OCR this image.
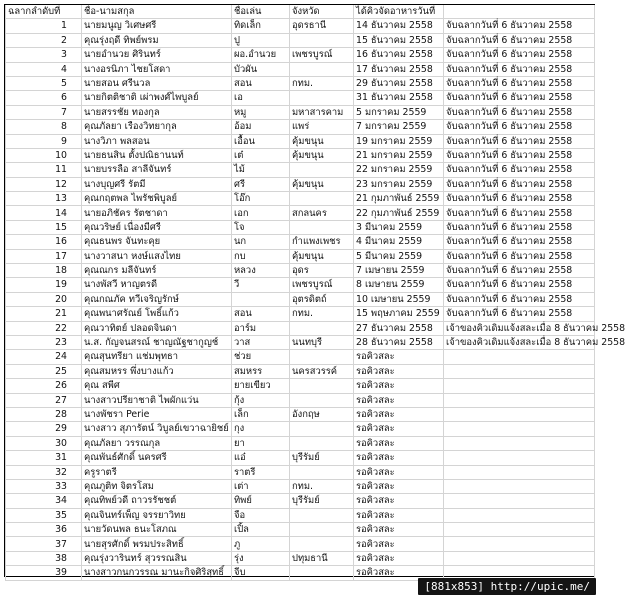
ฉลากลำดับที่	ชื่อ-นามสกุล	ชื่อเล่น	จังหวัด	ได้คิวจัดอาหารวันที่	
1	นายมนูญ วิเศษศรี	ทิดเล็ก	อุดรธานี	14 ธันวาคม 2558	จับฉลากวันที่ 6 ธันวาคม 2558
2	คุณรุ่งฤดี ทิพย์พรม	ปู		15 ธันวาคม 2558	จับฉลากวันที่ 6 ธันวาคม 2558
3	นายอำนวย ศิรินทร์	ผอ.อำนวย	เพชรบูรณ์	16 ธันวาคม 2558	จับฉลากวันที่ 6 ธันวาคม 2558
4	นางอรนิภา ไชยโสดา	บัวผัน		17 ธันวาคม 2558	จับฉลากวันที่ 6 ธันวาคม 2558
5	นายสอน ศรีนวล	สอน	กทม.	29 ธันวาคม 2558	จับฉลากวันที่ 6 ธันวาคม 2558
6	นายกิตติชาติ เผ่าพงศ์ไพบูลย์	เอ		31 ธันวาคม 2558	จับฉลากวันที่ 6 ธันวาคม 2558
7	นายสรรชัย ทองกุล	หมู	มหาสารคาม	5 มกราคม 2559	จับฉลากวันที่ 6 ธันวาคม 2558
8	คุณภัลยา เรืองวิทยากุล	อ้อม	แพร่	7 มกราคม 2559	จับฉลากวันที่ 6 ธันวาคม 2558
9	นางวิภา พลสอน	เอื้อน	คุ้มขนุน	19 มกราคม 2559	จับฉลากวันที่ 6 ธันวาคม 2558
10	นายธนสิน ตั้งปณิธานนท์	เต๋	คุ้มขนุน	21 มกราคม 2559	จับฉลากวันที่ 6 ธันวาคม 2558
11	นายบรรลือ สาลีจันทร์	ไม้		22 มกราคม 2559	จับฉลากวันที่ 6 ธันวาคม 2558
12	นางบุญศรี รัตมี	ศรี	คุ้มขนุน	23 มกราคม 2559	จับฉลากวันที่ 6 ธันวาคม 2558
13	คุณกฤตพล ไพรัชพิบูลย์	โอ๊ก		21 กุมภาพันธ์ 2559	จับฉลากวันที่ 6 ธันวาคม 2558
14	นายอภิชัคร รัตชาดา	เอก	สกลนคร	22 กุมภาพันธ์ 2559	จับฉลากวันที่ 6 ธันวาคม 2558
15	คุณวริษย์ เนื่องมีศรี	โจ		3 มีนาคม 2559	จับฉลากวันที่ 6 ธันวาคม 2558
16	คุณธนพร จันทะคุย	นก	กำแพงเพชร	4 มีนาคม 2559	จับฉลากวันที่ 6 ธันวาคม 2558
17	นางวาสนา หงษ์แสงไทย	กบ	คุ้มขนุน	5 มีนาคม 2559	จับฉลากวันที่ 6 ธันวาคม 2558
18	คุณณกร มลีจันทร์	หลวง	อุดร	7 เมษายน 2559	จับฉลากวันที่ 6 ธันวาคม 2558
19	นางพัสวี หาญตรดี	วี	เพชรบูรณ์	8 เมษายน 2559	จับฉลากวันที่ 6 ธันวาคม 2558
20	คุณกณภัค ทวีเจริญรักษ์		อุตรดิตถ์	10 เมษายน 2559	จับฉลากวันที่ 6 ธันวาคม 2558
21	คุณพนาศรัณย์ โพธิ์แก้ว	สอน	กทม.	15 พฤษภาคม 2559	จับฉลากวันที่ 6 ธันวาคม 2558
22	คุณวาทิตย์ ปลอดจินดา	อาร์ม		27 ธันวาคม 2558	เจ้าของคิวเดิมแจ้งสละเมื่อ 8 ธันวาคม 2558
23	น.ส. กัญจนสรณ์ ชาญณัฐชากูญช์	วาส	นนทบุรี	28 ธันวาคม 2558	เจ้าของคิวเดิมแจ้งสละเมื่อ 8 ธันวาคม 2558
24	คุณสุนทรียา แช่มพุทธา	ช่วย		รอคิวสละ	
25	คุณสมหรร พึ่งบางแก้ว	สมหรร	นครสวรรค์	รอคิวสละ	
26	คุณ สพีศ	ยายเขียว		รอคิวสละ	
27	นางสาวปรียาชาติ ไพผักแว่น	กุ้ง		รอคิวสละ	
28	นางพัชรา Perie	เล็ก	อังกฤษ	รอคิวสละ	
29	นางสาว สุภารัตน์ วิบูลย์เขวาฉายิชย์	กุง		รอคิวสละ	
30	คุณภัลยา วรรณกุล	ยา		รอคิวสละ	
31	คุณพันธ์ศักดิ์ นครศรี	แอ๋	บุรีรัมย์	รอคิวสละ	
32	ครูราตรี	ราตรี		รอคิวสละ	
33	คุณภูติท จิตรโสม	เต่า	กทม.	รอคิวสละ	
34	คุณทิพย์วดี ถาวรรัชชต์	ทิพย์	บุรีรัมย์	รอคิวสละ	
35	คุณจินทร์เพ็ญ จรรยาวิทย	จือ		รอคิวสละ	
36	นายวัดนพล ธนะโสภณ	เปิ้ล		รอคิวสละ	
37	นายสุรศักดิ์ พรมประสิทธิ์	ภู		รอคิวสละ	
38	คุณรุ่งวารินทร์ สุวรรณสิน	รุ่ง	ปทุมธานี	รอคิวสละ	
39	นางสาวกนกวรรณ มานะกิจศิริสุทธิ์	จีบ		รอคิวสละ	
[881x853] http://upic.me/
